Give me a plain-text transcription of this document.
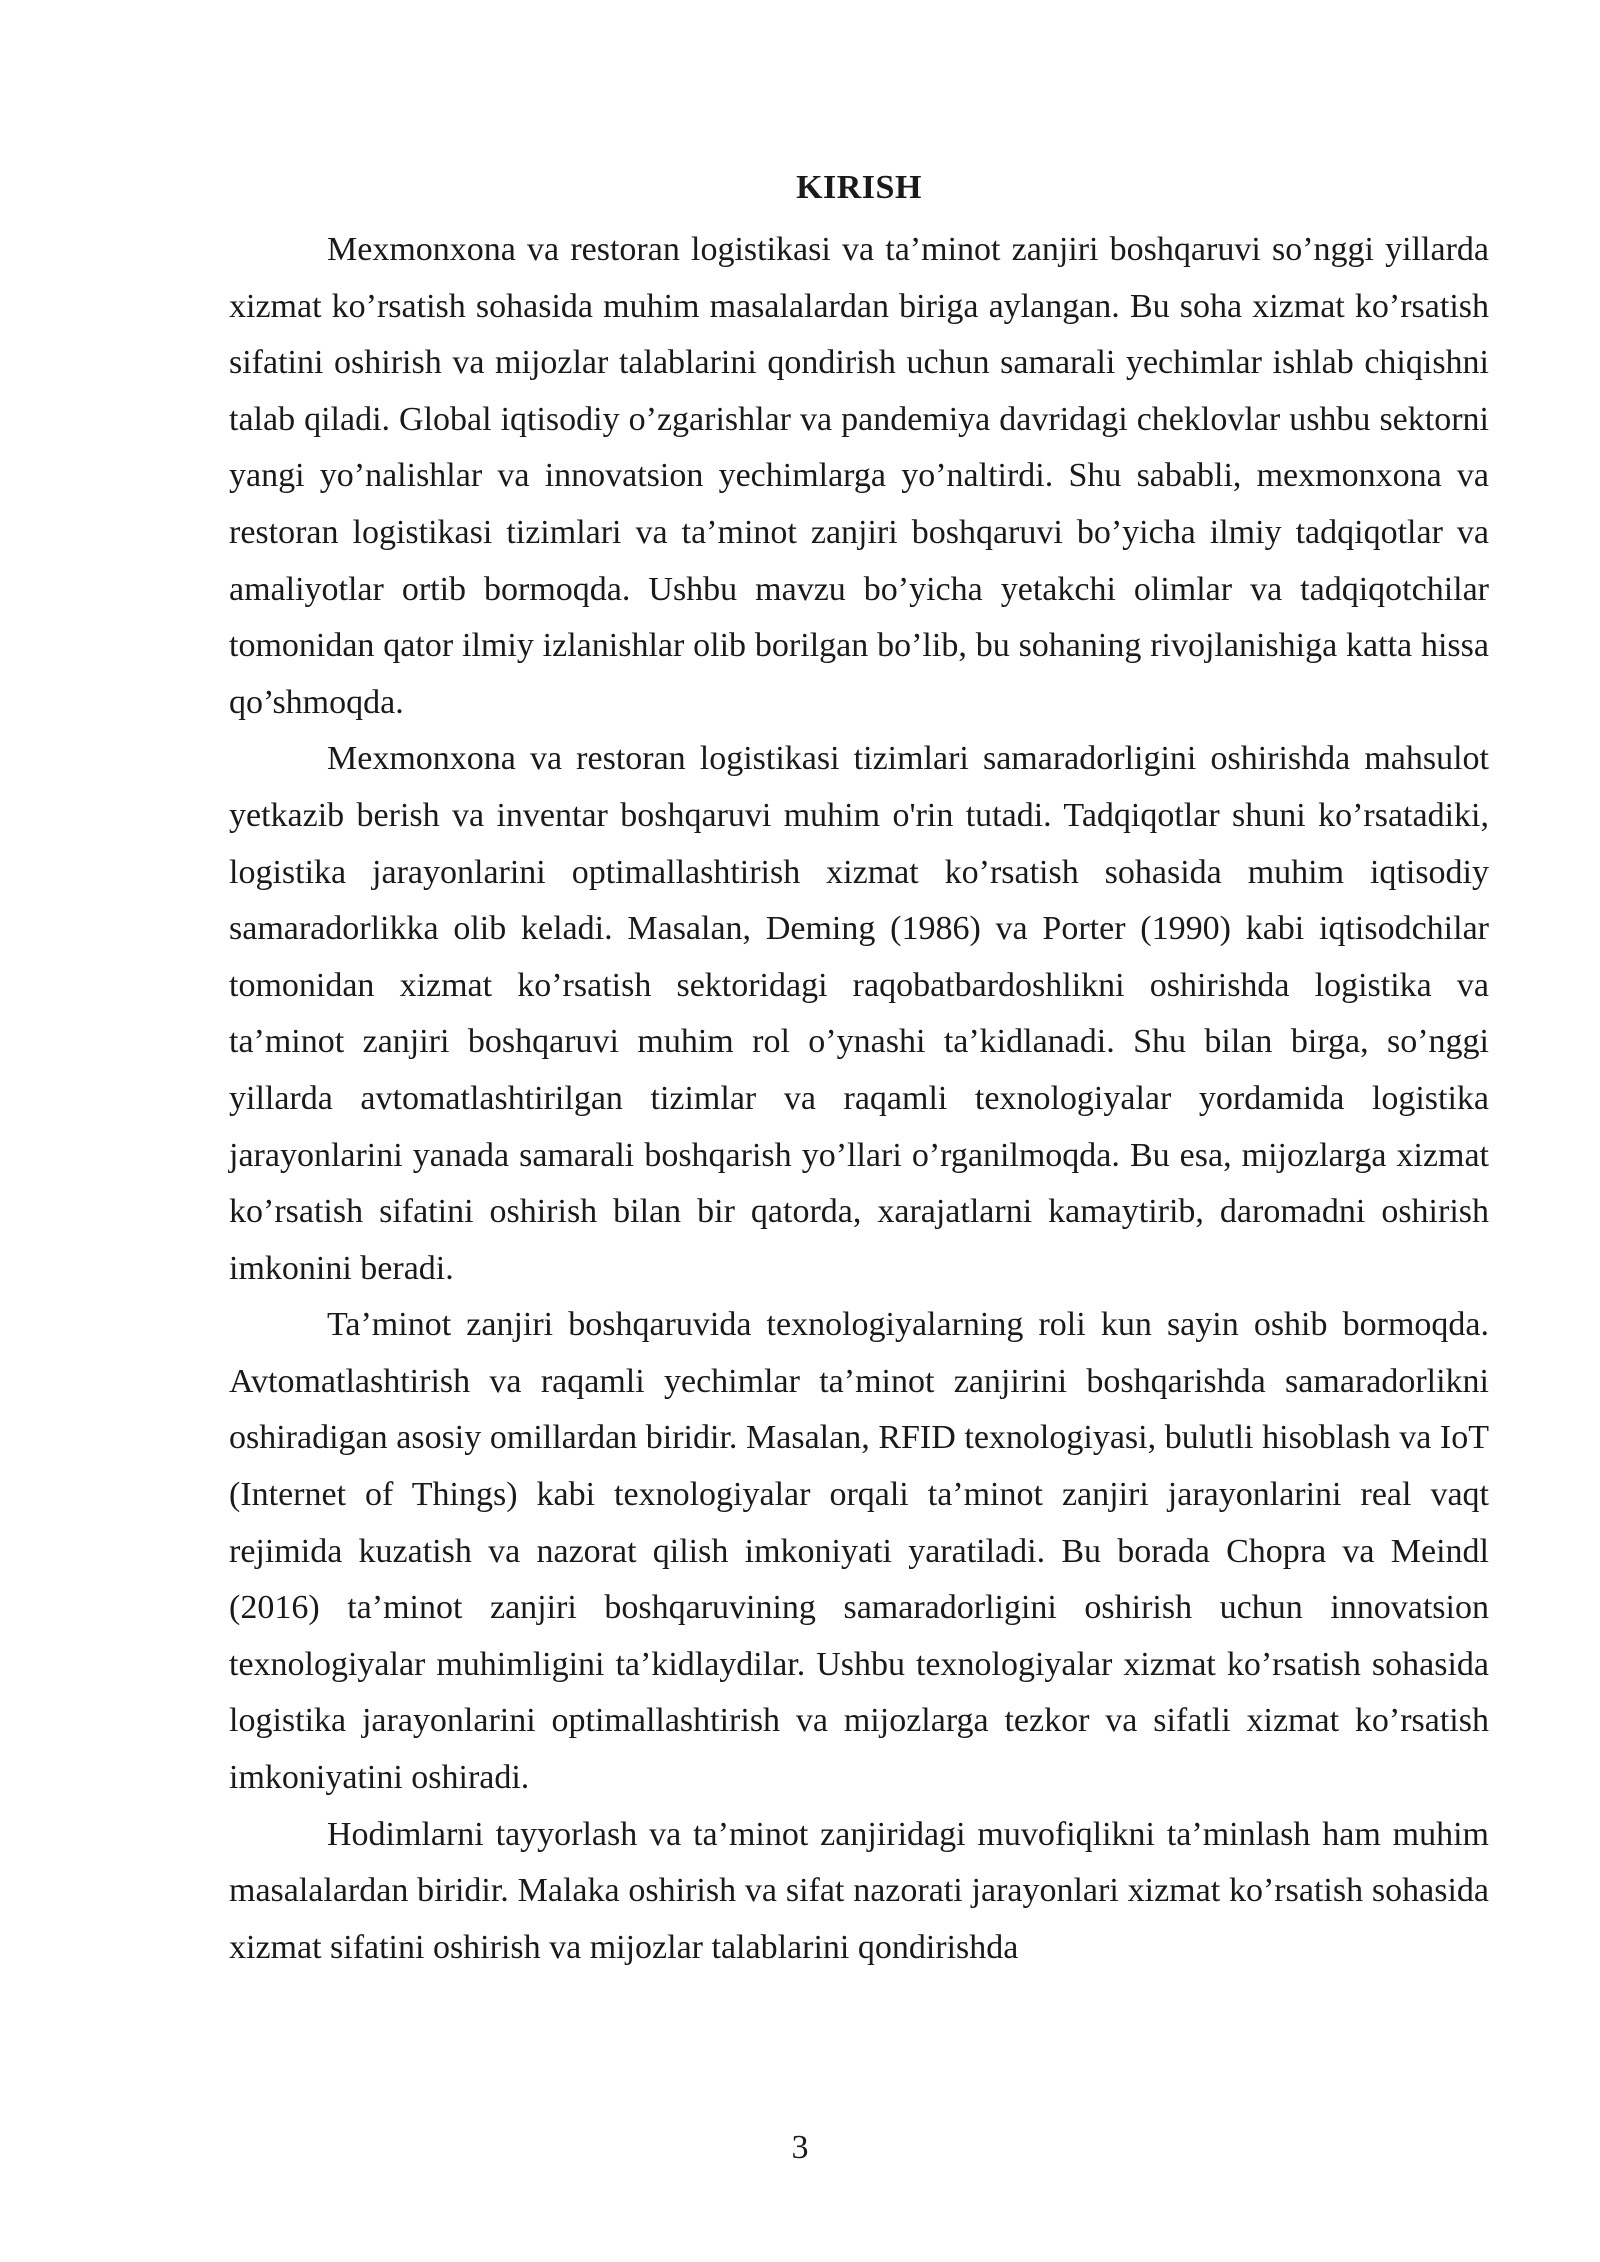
KIRISH

Mexmonxona va restoran logistikasi va ta’minot zanjiri boshqaruvi so’nggi yillarda xizmat ko’rsatish sohasida muhim masalalardan biriga aylangan. Bu soha xizmat ko’rsatish sifatini oshirish va mijozlar talablarini qondirish uchun samarali yechimlar ishlab chiqishni talab qiladi. Global iqtisodiy o’zgarishlar va pandemiya davridagi cheklovlar ushbu sektorni yangi yo’nalishlar va innovatsion yechimlarga yo’naltirdi. Shu sababli, mexmonxona va restoran logistikasi tizimlari va ta’minot zanjiri boshqaruvi bo’yicha ilmiy tadqiqotlar va amaliyotlar ortib bormoqda. Ushbu mavzu bo’yicha yetakchi olimlar va tadqiqotchilar tomonidan qator ilmiy izlanishlar olib borilgan bo’lib, bu sohaning rivojlanishiga katta hissa qo’shmoqda.

Mexmonxona va restoran logistikasi tizimlari samaradorligini oshirishda mahsulot yetkazib berish va inventar boshqaruvi muhim o'rin tutadi. Tadqiqotlar shuni ko’rsatadiki, logistika jarayonlarini optimallashtirish xizmat ko’rsatish sohasida muhim iqtisodiy samaradorlikka olib keladi. Masalan, Deming (1986) va Porter (1990) kabi iqtisodchilar tomonidan xizmat ko’rsatish sektoridagi raqobatbardoshlikni oshirishda logistika va ta’minot zanjiri boshqaruvi muhim rol o’ynashi ta’kidlanadi. Shu bilan birga, so’nggi yillarda avtomatlashtirilgan tizimlar va raqamli texnologiyalar yordamida logistika jarayonlarini yanada samarali boshqarish yo’llari o’rganilmoqda. Bu esa, mijozlarga xizmat ko’rsatish sifatini oshirish bilan bir qatorda, xarajatlarni kamaytirib, daromadni oshirish imkonini beradi.

Ta’minot zanjiri boshqaruvida texnologiyalarning roli kun sayin oshib bormoqda. Avtomatlashtirish va raqamli yechimlar ta’minot zanjirini boshqarishda samaradorlikni oshiradigan asosiy omillardan biridir. Masalan, RFID texnologiyasi, bulutli hisoblash va IoT (Internet of Things) kabi texnologiyalar orqali ta’minot zanjiri jarayonlarini real vaqt rejimida kuzatish va nazorat qilish imkoniyati yaratiladi. Bu borada Chopra va Meindl (2016) ta’minot zanjiri boshqaruvining samaradorligini oshirish uchun innovatsion texnologiyalar muhimligini ta’kidlaydilar. Ushbu texnologiyalar xizmat ko’rsatish sohasida logistika jarayonlarini optimallashtirish va mijozlarga tezkor va sifatli xizmat ko’rsatish imkoniyatini oshiradi.

Hodimlarni tayyorlash va ta’minot zanjiridagi muvofiqlikni ta’minlash ham muhim masalalardan biridir. Malaka oshirish va sifat nazorati jarayonlari xizmat ko’rsatish sohasida xizmat sifatini oshirish va mijozlar talablarini qondirishda

3
